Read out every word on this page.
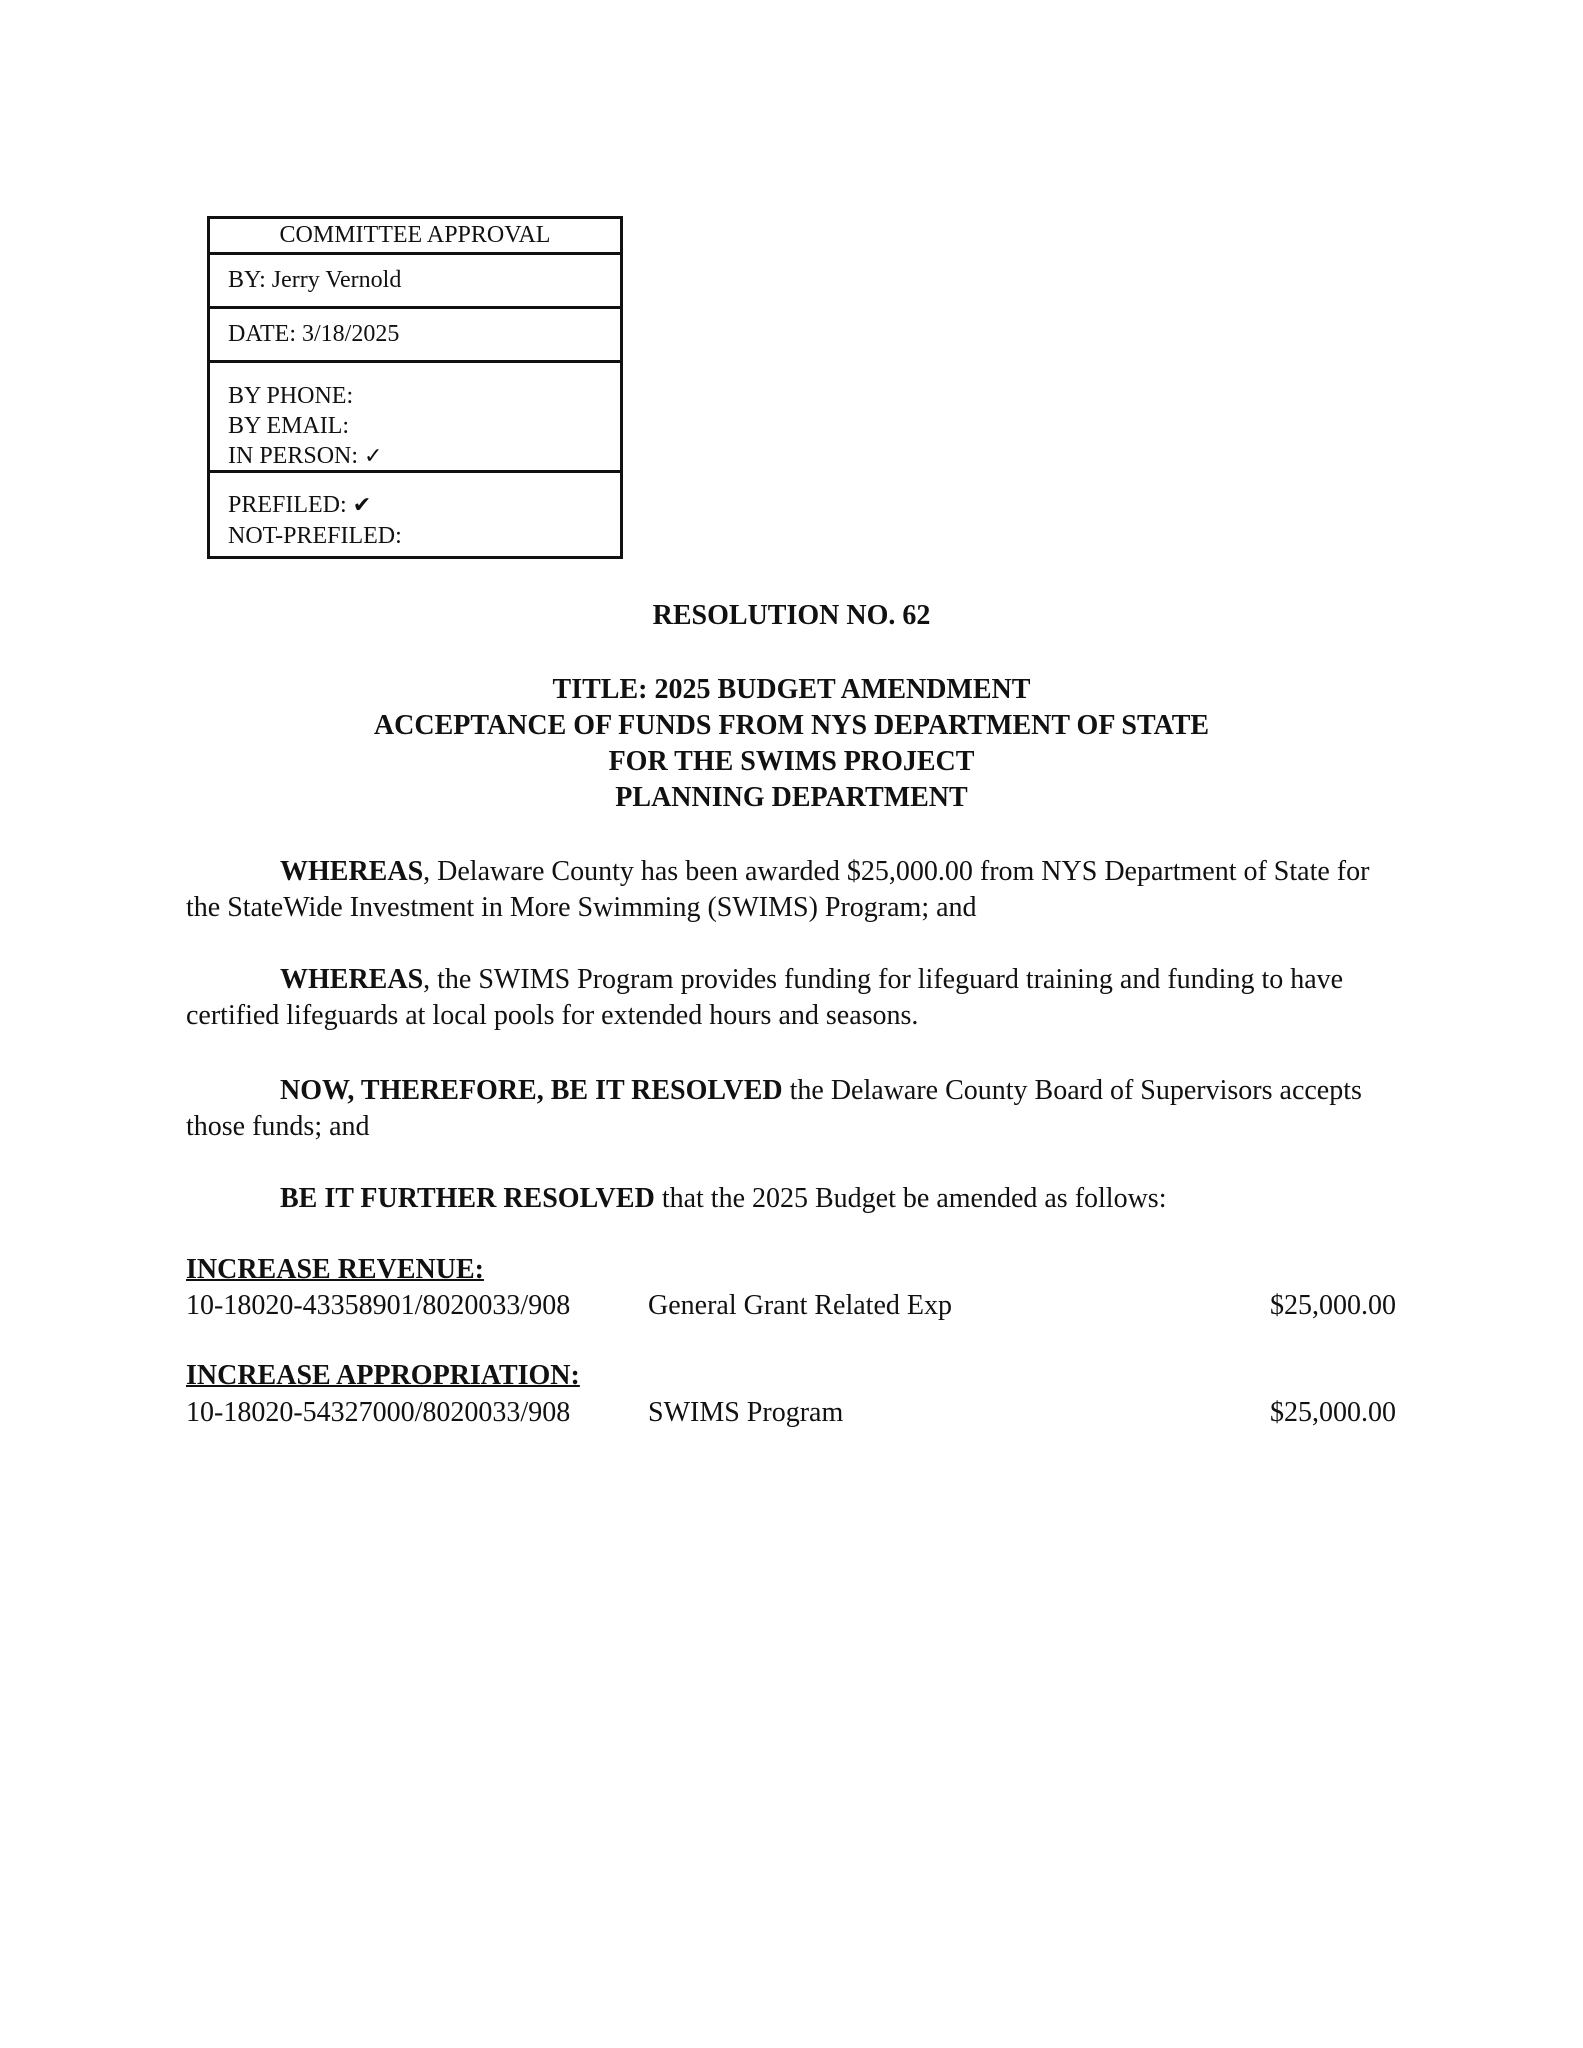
COMMITTEE APPROVAL
BY: Jerry Vernold
DATE: 3/18/2025
BY PHONE:
BY EMAIL:
IN PERSON: ✓
PREFILED: ✔
NOT-PREFILED:
RESOLUTION NO. 62
TITLE: 2025 BUDGET AMENDMENT
ACCEPTANCE OF FUNDS FROM NYS DEPARTMENT OF STATE
FOR THE SWIMS PROJECT
PLANNING DEPARTMENT
WHEREAS, Delaware County has been awarded $25,000.00 from NYS Department of State for the StateWide Investment in More Swimming (SWIMS) Program; and
WHEREAS, the SWIMS Program provides funding for lifeguard training and funding to have certified lifeguards at local pools for extended hours and seasons.
NOW, THEREFORE, BE IT RESOLVED the Delaware County Board of Supervisors accepts those funds; and
BE IT FURTHER RESOLVED that the 2025 Budget be amended as follows:
INCREASE REVENUE:
10-18020-43358901/8020033/908	General Grant Related Exp	$25,000.00
INCREASE APPROPRIATION:
10-18020-54327000/8020033/908	SWIMS Program	$25,000.00
